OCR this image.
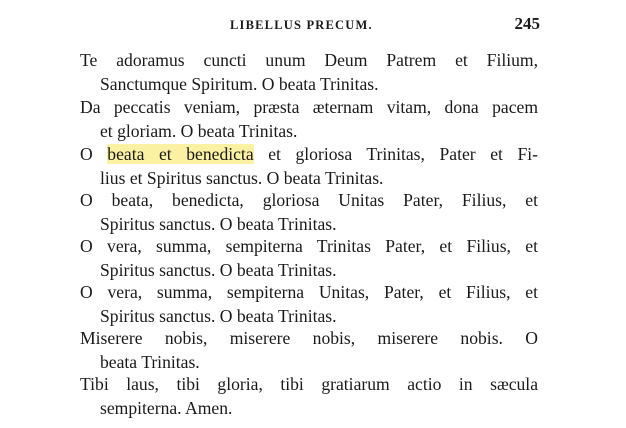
LIBELLUS PRECUM.	245
Te adoramus cuncti unum Deum Patrem et Filium,
Sanctumque Spiritum. O beata Trinitas.
Da peccatis veniam, præsta æternam vitam, dona pacem
et gloriam. O beata Trinitas.
O beata et benedicta et gloriosa Trinitas, Pater et Fi-
lius et Spiritus sanctus. O beata Trinitas.
O beata, benedicta, gloriosa Unitas Pater, Filius, et
Spiritus sanctus. O beata Trinitas.
O vera, summa, sempiterna Trinitas Pater, et Filius, et
Spiritus sanctus. O beata Trinitas.
O vera, summa, sempiterna Unitas, Pater, et Filius, et
Spiritus sanctus. O beata Trinitas.
Miserere nobis, miserere nobis, miserere nobis. O
beata Trinitas.
Tibi laus, tibi gloria, tibi gratiarum actio in sæcula
sempiterna. Amen.
